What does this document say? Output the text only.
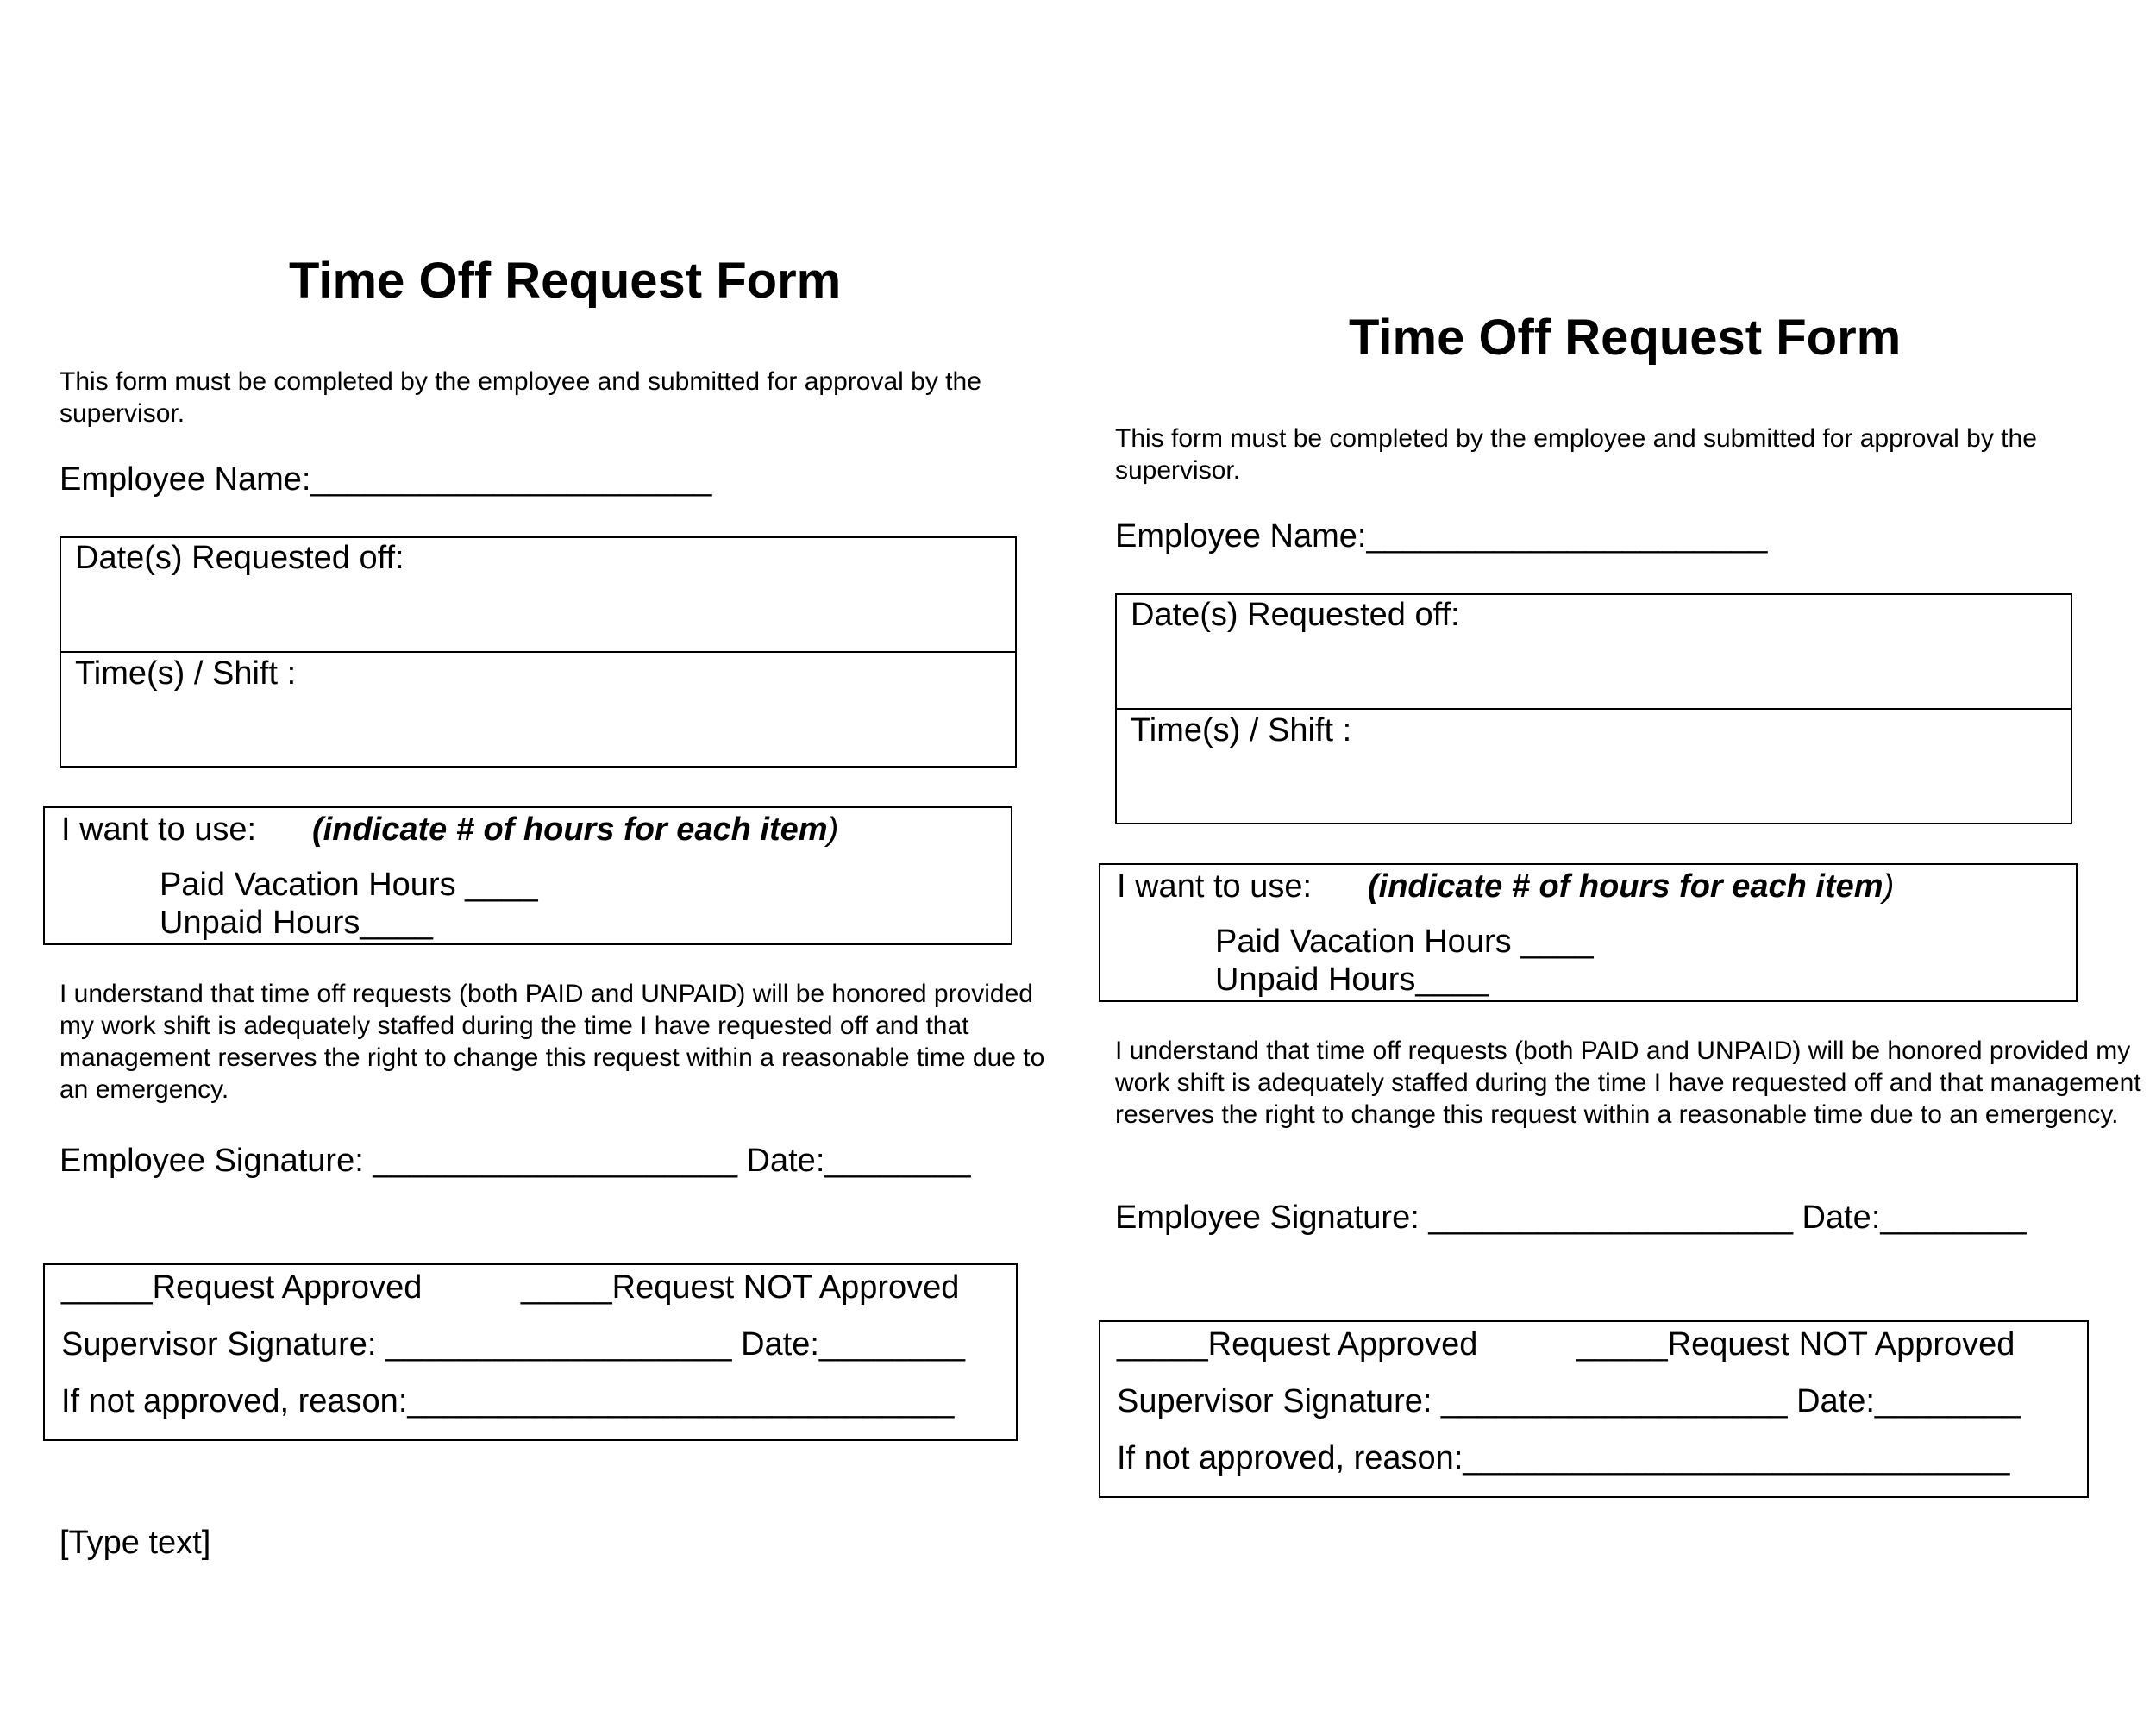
Time Off Request Form
This form must be completed by the employee and submitted for approval by the supervisor.
Employee Name:______________________
Date(s) Requested off:
Time(s) / Shift :
I want to use: (indicate # of hours for each item)
Paid Vacation Hours ____
Unpaid Hours____
I understand that time off requests (both PAID and UNPAID) will be honored provided my work shift is adequately staffed during the time I have requested off and that management reserves the right to change this request within a reasonable time due to an emergency.
Employee Signature: ____________________ Date:________
_____Request Approved	_____Request NOT Approved
Supervisor Signature: ___________________ Date:________
If not approved, reason:______________________________
[Type text]
Time Off Request Form
This form must be completed by the employee and submitted for approval by the supervisor.
Employee Name:______________________
Date(s) Requested off:
Time(s) / Shift :
I want to use: (indicate # of hours for each item)
Paid Vacation Hours ____
Unpaid Hours____
I understand that time off requests (both PAID and UNPAID) will be honored provided my work shift is adequately staffed during the time I have requested off and that management reserves the right to change this request within a reasonable time due to an emergency.
Employee Signature: ____________________ Date:________
_____Request Approved	_____Request NOT Approved
Supervisor Signature: ___________________ Date:________
If not approved, reason:______________________________
